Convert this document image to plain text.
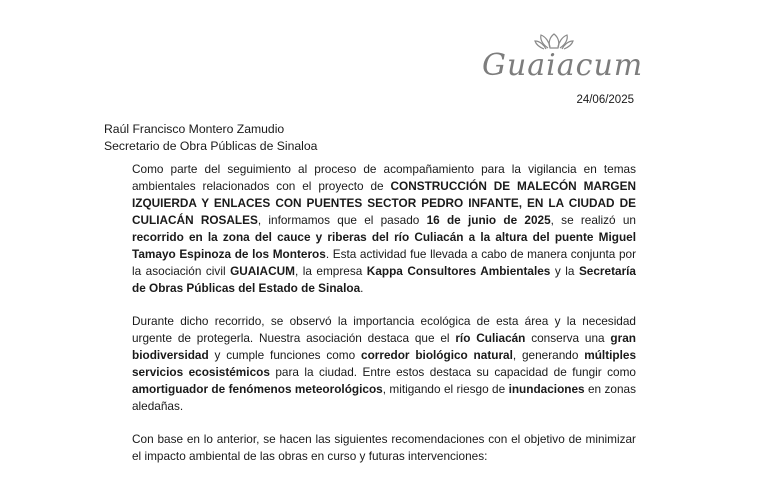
Guaiacum
24/06/2025
Raúl Francisco Montero Zamudio
Secretario de Obra Públicas de Sinaloa

Como parte del seguimiento al proceso de acompañamiento para la vigilancia en temas ambientales relacionados con el proyecto de CONSTRUCCIÓN DE MALECÓN MARGEN IZQUIERDA Y ENLACES CON PUENTES SECTOR PEDRO INFANTE, EN LA CIUDAD DE CULIACÁN ROSALES, informamos que el pasado 16 de junio de 2025, se realizó un recorrido en la zona del cauce y riberas del río Culiacán a la altura del puente Miguel Tamayo Espinoza de los Monteros. Esta actividad fue llevada a cabo de manera conjunta por la asociación civil GUAIACUM, la empresa Kappa Consultores Ambientales y la Secretaría de Obras Públicas del Estado de Sinaloa.

Durante dicho recorrido, se observó la importancia ecológica de esta área y la necesidad urgente de protegerla. Nuestra asociación destaca que el río Culiacán conserva una gran biodiversidad y cumple funciones como corredor biológico natural, generando múltiples servicios ecosistémicos para la ciudad. Entre estos destaca su capacidad de fungir como amortiguador de fenómenos meteorológicos, mitigando el riesgo de inundaciones en zonas aledañas.

Con base en lo anterior, se hacen las siguientes recomendaciones con el objetivo de minimizar el impacto ambiental de las obras en curso y futuras intervenciones:
